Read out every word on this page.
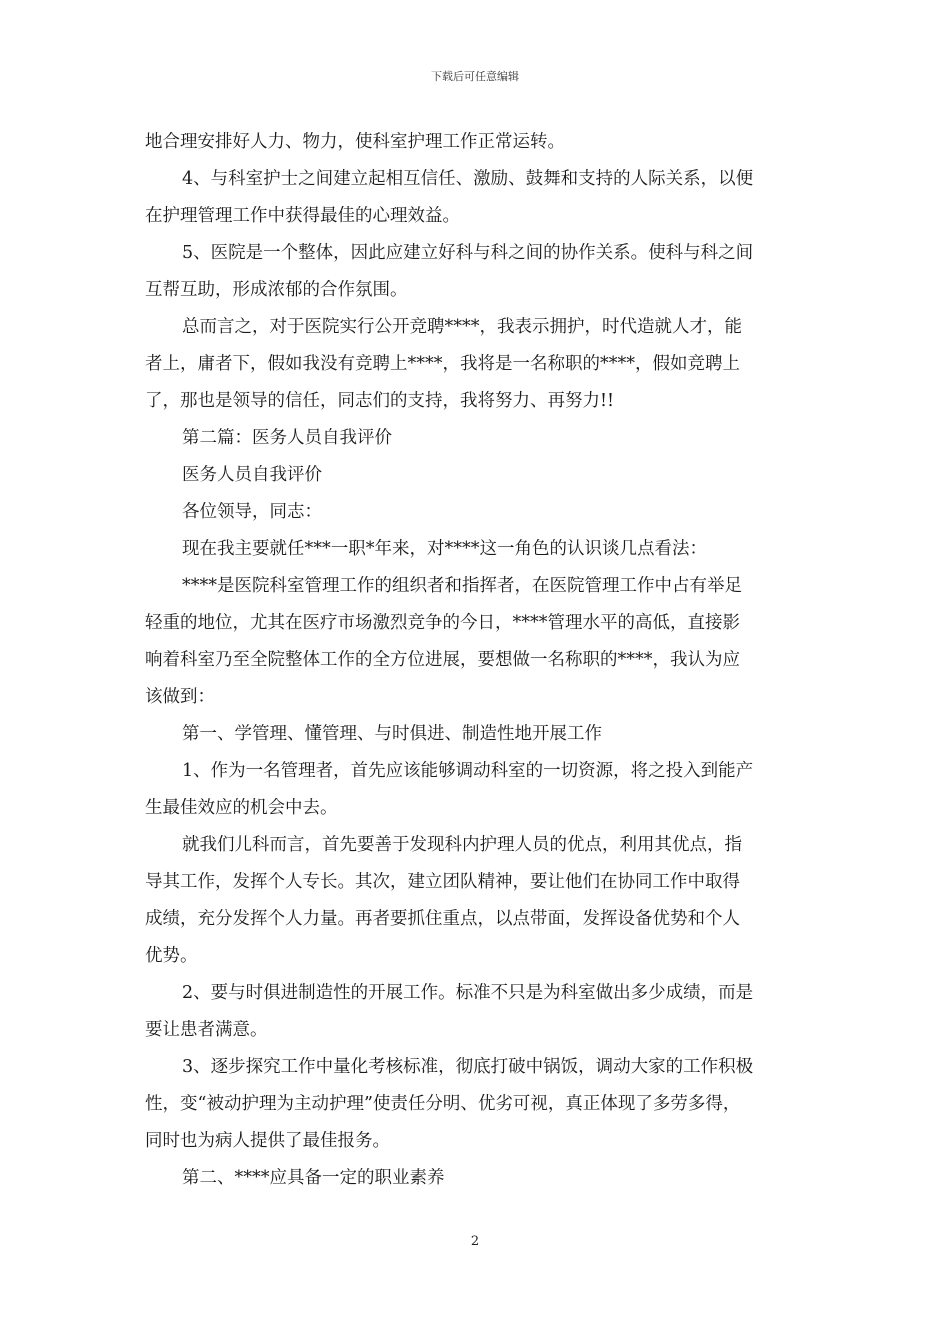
下载后可任意编辑
地合理安排好人力、物力，使科室护理工作正常运转。
4、与科室护士之间建立起相互信任、激励、鼓舞和支持的人际关系，以便
在护理管理工作中获得最佳的心理效益。
5、医院是一个整体，因此应建立好科与科之间的协作关系。使科与科之间
互帮互助，形成浓郁的合作氛围。
总而言之，对于医院实行公开竞聘****，我表示拥护，时代造就人才，能
者上，庸者下，假如我没有竞聘上****，我将是一名称职的****，假如竞聘上
了，那也是领导的信任，同志们的支持，我将努力、再努力!!
第二篇：医务人员自我评价
医务人员自我评价
各位领导，同志：
现在我主要就任***一职*年来，对****这一角色的认识谈几点看法：
****是医院科室管理工作的组织者和指挥者，在医院管理工作中占有举足
轻重的地位，尤其在医疗市场激烈竞争的今日，****管理水平的高低，直接影
响着科室乃至全院整体工作的全方位进展，要想做一名称职的****，我认为应
该做到：
第一、学管理、懂管理、与时俱进、制造性地开展工作
1、作为一名管理者，首先应该能够调动科室的一切资源，将之投入到能产
生最佳效应的机会中去。
就我们儿科而言，首先要善于发现科内护理人员的优点，利用其优点，指
导其工作，发挥个人专长。其次，建立团队精神，要让他们在协同工作中取得
成绩，充分发挥个人力量。再者要抓住重点，以点带面，发挥设备优势和个人
优势。
2、要与时俱进制造性的开展工作。标准不只是为科室做出多少成绩，而是
要让患者满意。
3、逐步探究工作中量化考核标准，彻底打破中锅饭，调动大家的工作积极
性，变“被动护理为主动护理”使责任分明、优劣可视，真正体现了多劳多得，
同时也为病人提供了最佳报务。
第二、****应具备一定的职业素养
2
